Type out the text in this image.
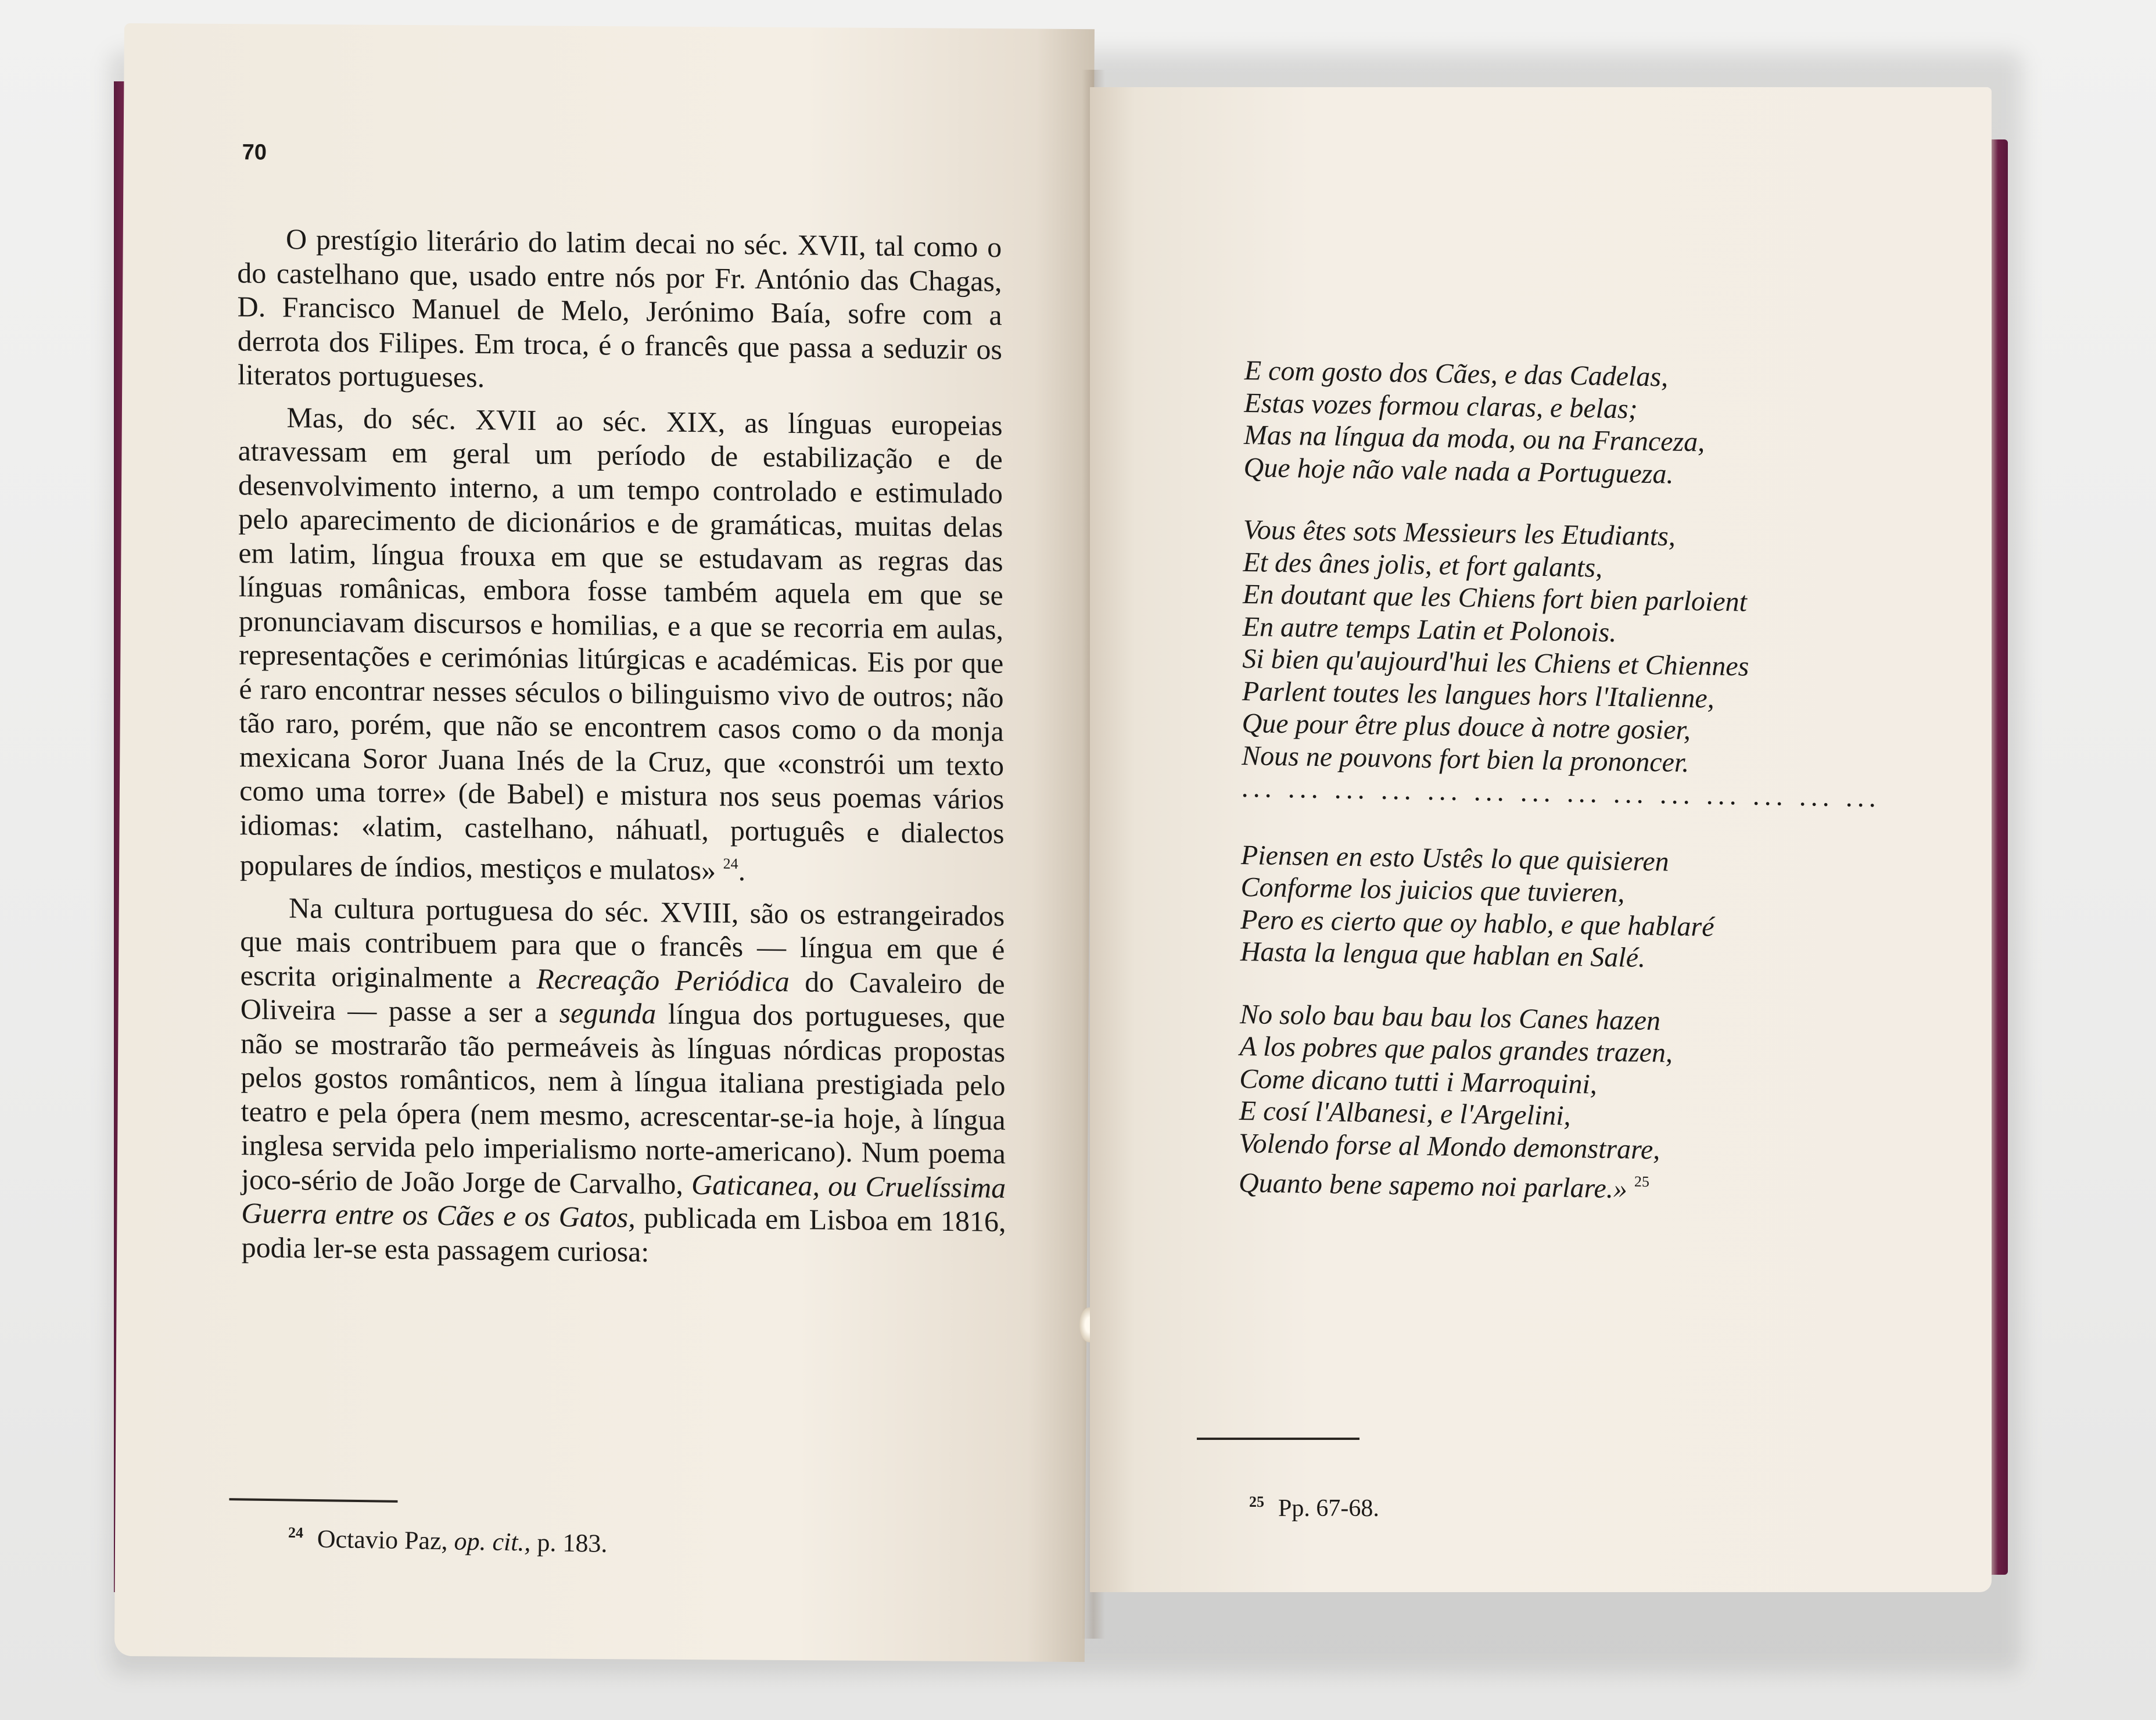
70

O prestígio literário do latim decai no séc. XVII, tal como o do castelhano que, usado entre nós por Fr. António das Chagas, D. Francisco Manuel de Melo, Jerónimo Baía, sofre com a derrota dos Filipes. Em troca, é o francês que passa a seduzir os literatos portugueses.

Mas, do séc. XVII ao séc. XIX, as línguas europeias atravessam em geral um período de estabilização e de desenvolvimento interno, a um tempo controlado e estimulado pelo aparecimento de dicionários e de gramáticas, muitas delas em latim, língua frouxa em que se estudavam as regras das línguas românicas, embora fosse também aquela em que se pronunciavam discursos e homilias, e a que se recorria em aulas, representações e cerimónias litúrgicas e académicas. Eis por que é raro encontrar nesses séculos o bilinguismo vivo de outros; não tão raro, porém, que não se encontrem casos como o da monja mexicana Soror Juana Inés de la Cruz, que «constrói um texto como uma torre» (de Babel) e mistura nos seus poemas vários idiomas: «latim, castelhano, náhuatl, português e dialectos populares de índios, mestiços e mulatos» $^{24}$.

Na cultura portuguesa do séc. XVIII, são os estrangeirados que mais contribuem para que o francês — língua em que é escrita originalmente a Recreação Periódica do Cavaleiro de Oliveira — passe a ser a segunda língua dos portugueses, que não se mostrarão tão permeáveis às línguas nórdicas propostas pelos gostos românticos, nem à língua italiana prestigiada pelo teatro e pela ópera (nem mesmo, acrescentar-se-ia hoje, à língua inglesa servida pelo imperialismo norte-americano). Num poema joco-sério de João Jorge de Carvalho, Gaticanea, ou Cruelíssima Guerra entre os Cães e os Gatos, publicada em Lisboa em 1816, podia ler-se esta passagem curiosa:

$^{24}$ Octavio Paz, op. cit., p. 183.
E com gosto dos Cães, e das Cadelas,
Estas vozes formou claras, e belas;
Mas na língua da moda, ou na Franceza,
Que hoje não vale nada a Portugueza.
Vous êtes sots Messieurs les Etudiants,
Et des ânes jolis, et fort galants,
En doutant que les Chiens fort bien parloient
En autre temps Latin et Polonois.
Si bien qu'aujourd'hui les Chiens et Chiennes
Parlent toutes les langues hors l'Italienne,
Que pour être plus douce à notre gosier,
Nous ne pouvons fort bien la prononcer.
... ... ... ... ... ... ... ... ... ... ... ... ... ...
Piensen en esto Ustês lo que quisieren
Conforme los juicios que tuvieren,
Pero es cierto que oy hablo, e que hablaré
Hasta la lengua que hablan en Salé.
No solo bau bau bau los Canes hazen
A los pobres que palos grandes trazen,
Come dicano tutti i Marroquini,
E cosí l'Albanesi, e l'Argelini,
Volendo forse al Mondo demonstrare,
Quanto bene sapemo noi parlare.» $^{25}$
$^{25}$ Pp. 67-68.
